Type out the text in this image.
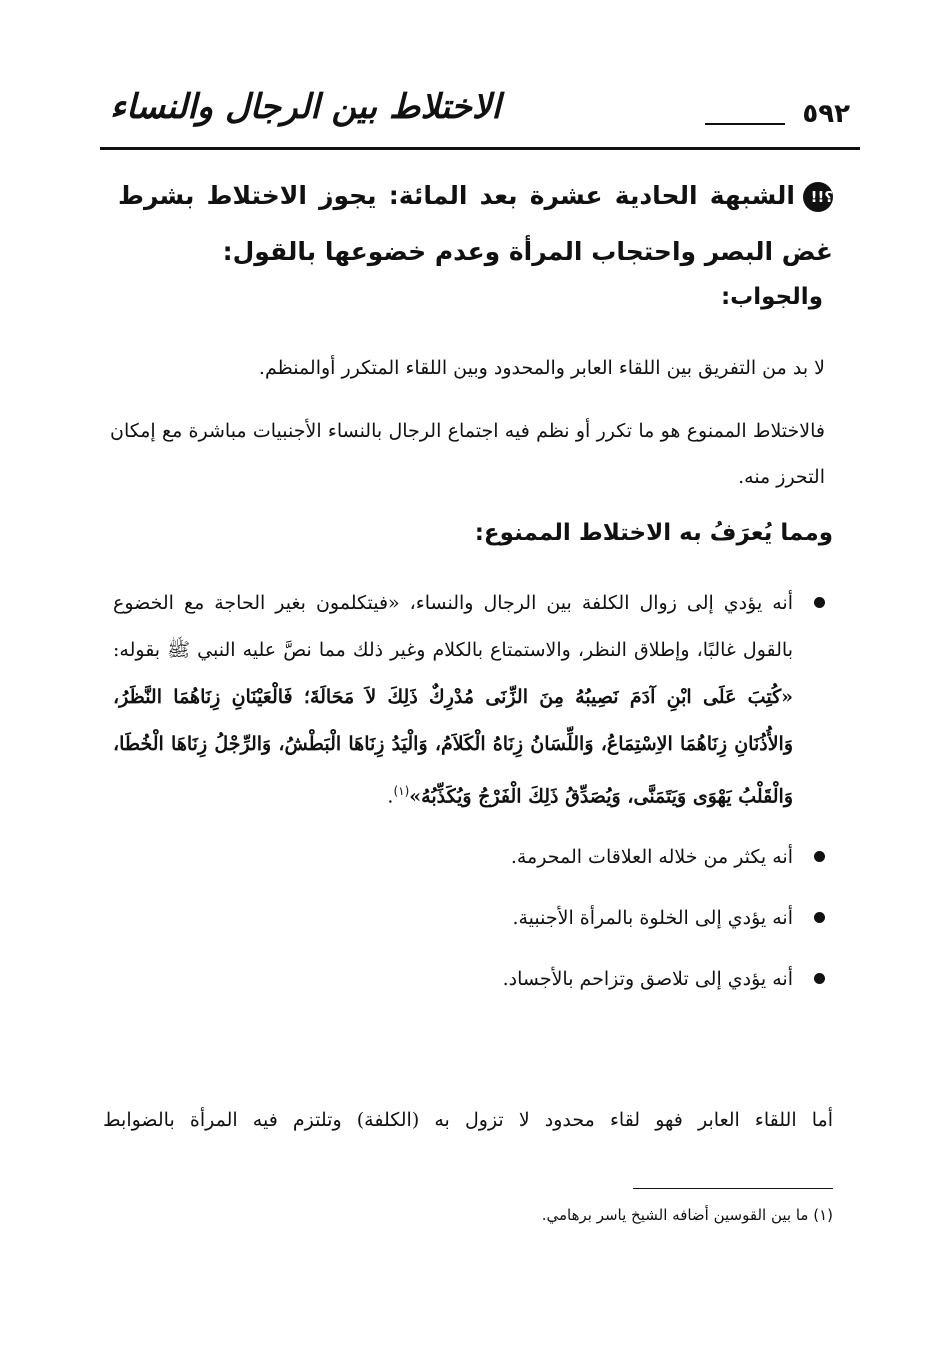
٥٩٢
الاختلاط بين الرجال والنساء
!!؟الشبهة الحادية عشرة بعد المائة: يجوز الاختلاط بشرط غض البصر واحتجاب المرأة وعدم خضوعها بالقول:
والجواب:
لا بد من التفريق بين اللقاء العابر والمحدود وبين اللقاء المتكرر أوالمنظم.
فالاختلاط الممنوع هو ما تكرر أو نظم فيه اجتماع الرجال بالنساء الأجنبيات مباشرة مع إمكان التحرز منه.
ومما يُعرَفُ به الاختلاط الممنوع:
أنه يؤدي إلى زوال الكلفة بين الرجال والنساء، «فيتكلمون بغير الحاجة مع الخضوع بالقول غالبًا، وإطلاق النظر، والاستمتاع بالكلام وغير ذلك مما نصَّ عليه النبي ﷺ بقوله: «كُتِبَ عَلَى ابْنِ آدَمَ نَصِيبُهُ مِنَ الزِّنَى مُدْرِكٌ ذَلِكَ لاَ مَحَالَةَ؛ فَالْعَيْنَانِ زِنَاهُمَا النَّظَرُ، وَالأُذُنَانِ زِنَاهُمَا الاِسْتِمَاعُ، وَاللِّسَانُ زِنَاهُ الْكَلاَمُ، وَالْيَدُ زِنَاهَا الْبَطْشُ، وَالرِّجْلُ زِنَاهَا الْخُطَا، وَالْقَلْبُ يَهْوَى وَيَتَمَنَّى، وَيُصَدِّقُ ذَلِكَ الْفَرْجُ وَيُكَذِّبُهُ»$^{(١)}$.
أنه يكثر من خلاله العلاقات المحرمة.
أنه يؤدي إلى الخلوة بالمرأة الأجنبية.
أنه يؤدي إلى تلاصق وتزاحم بالأجساد.
أما اللقاء العابر فهو لقاء محدود لا تزول به (الكلفة) وتلتزم فيه المرأة بالضوابط
(١) ما بين القوسين أضافه الشيخ ياسر برهامي.
